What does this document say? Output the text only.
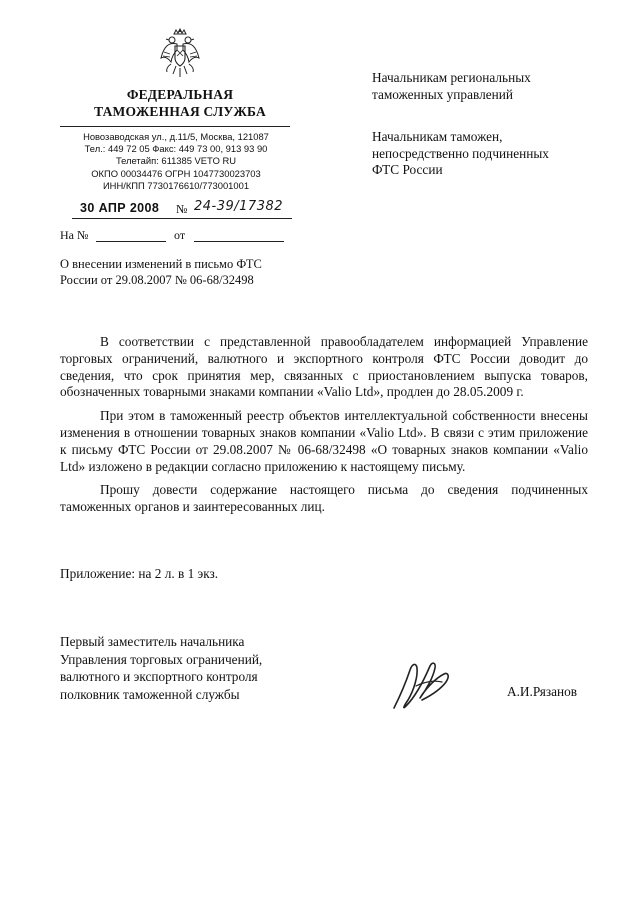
ФЕДЕРАЛЬНАЯ
ТАМОЖЕННАЯ СЛУЖБА
Новозаводская ул., д.11/5, Москва, 121087
Тел.: 449 72 05 Факс: 449 73 00, 913 93 90
Телетайп: 611385 VETO RU
ОКПО 00034476 ОГРН 1047730023703
ИНН/КПП 7730176610/773001001
30 АПР 2008 № 24-39/17382
На №	от
О внесении изменений в письмо ФТС
России от 29.08.2007 № 06-68/32498
Начальникам региональных
таможенных управлений
Начальникам таможен,
непосредственно подчиненных
ФТС России

В соответствии с представленной правообладателем информацией Управление торговых ограничений, валютного и экспортного контроля ФТС России доводит до сведения, что срок принятия мер, связанных с приостановлением выпуска товаров, обозначенных товарными знаками компании «Valio Ltd», продлен до 28.05.2009 г.

При этом в таможенный реестр объектов интеллектуальной собственности внесены изменения в отношении товарных знаков компании «Valio Ltd». В связи с этим приложение к письму ФТС России от 29.08.2007 № 06-68/32498 «О товарных знаков компании «Valio Ltd» изложено в редакции согласно приложению к настоящему письму.

Прошу довести содержание настоящего письма до сведения подчиненных таможенных органов и заинтересованных лиц.

Приложение: на 2 л. в 1 экз.
Первый заместитель начальника
Управления торговых ограничений,
валютного и экспортного контроля
полковник таможенной службы	А.И.Рязанов
